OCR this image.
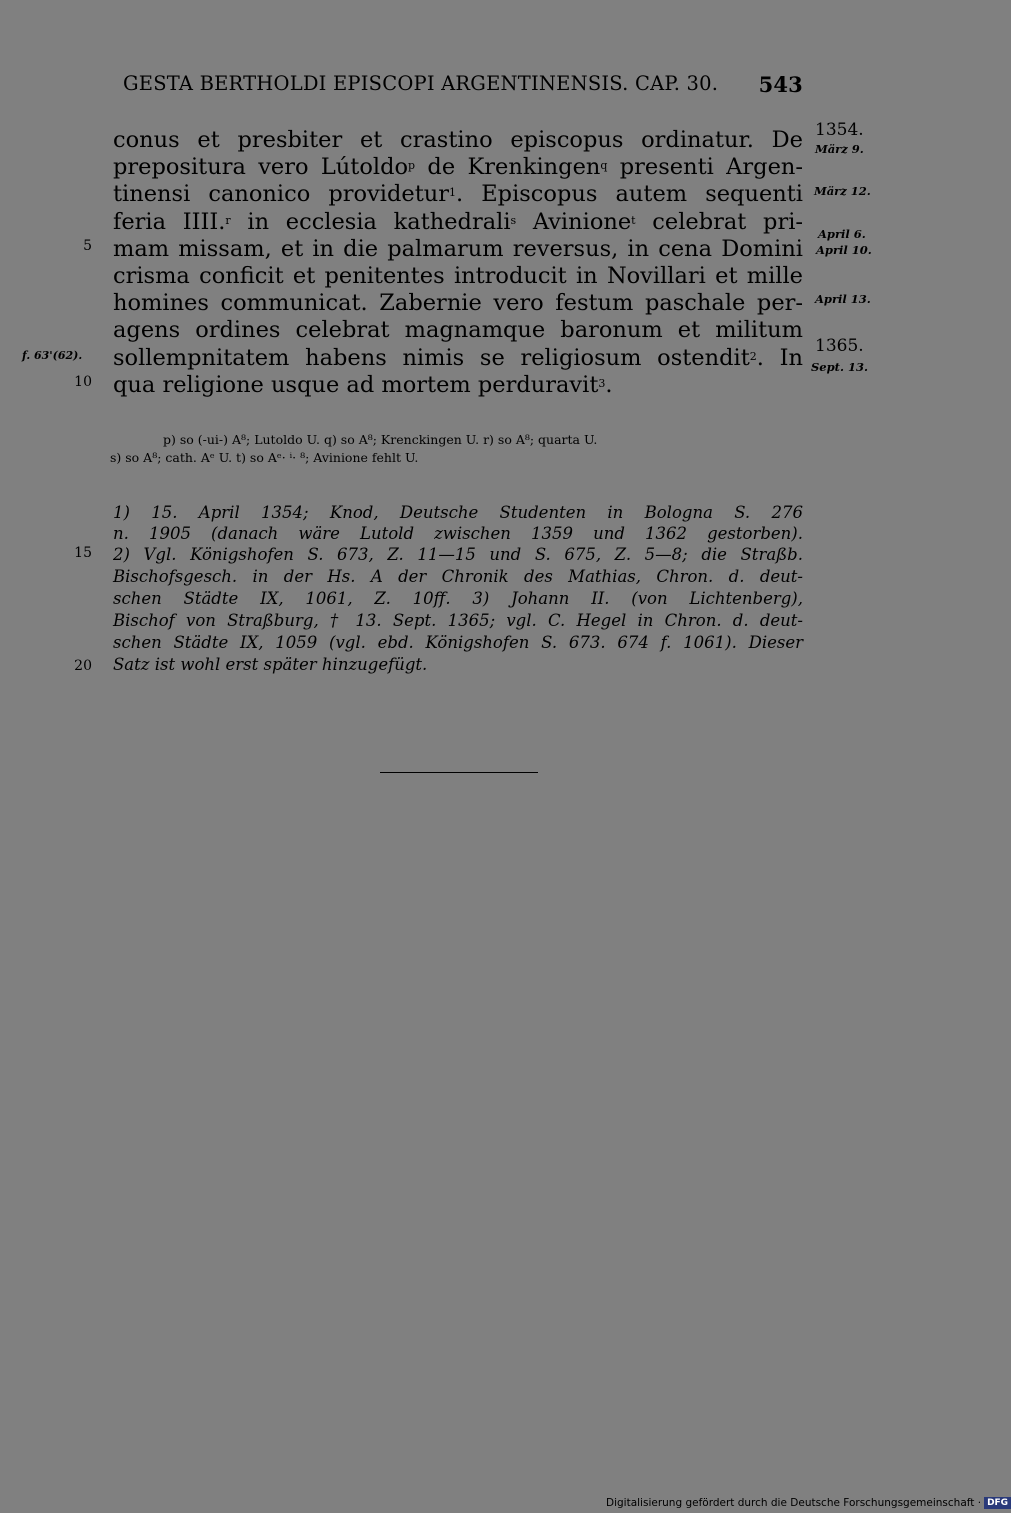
GESTA BERTHOLDI EPISCOPI ARGENTINENSIS. CAP. 30. 543
conus et presbiter et crastino episcopus ordinatur. De
prepositura vero Lútoldo$^p$ de Krenkingen$^q$ presenti Argen-
tinensi canonico providetur$^1$. Episcopus autem sequenti
feria IIII.$^r$ in ecclesia kathedrali$^s$ Avinione$^t$ celebrat pri-
mam missam, et in die palmarum reversus, in cena Domini
crisma conficit et penitentes introducit in Novillari et mille
homines communicat. Zabernie vero festum paschale per-
agens ordines celebrat magnamque baronum et militum
sollempnitatem habens nimis se religiosum ostendit$^2$. In
qua religione usque ad mortem perduravit$^3$.
5
10
15
20
f. 63'(62).
1354.
März 9.
März 12.
April 6.
April 10.
April 13.
1365.
Sept. 13.
p) so (-ui-) A⁸; Lutoldo U. q) so A⁸; Krenckingen U. r) so A⁸; quarta U.
s) so A⁸; cath. Aᵉ U. t) so Aᵉ· ⁱ· ⁸; Avinione fehlt U.
1) 15. April 1354; Knod, Deutsche Studenten in Bologna S. 276
n. 1905 (danach wäre Lutold zwischen 1359 und 1362 gestorben).
2) Vgl. Königshofen S. 673, Z. 11—15 und S. 675, Z. 5—8; die Straßb.
Bischofsgesch. in der Hs. A der Chronik des Mathias, Chron. d. deut-
schen Städte IX, 1061, Z. 10ff. 3) Johann II. (von Lichtenberg),
Bischof von Straßburg, † 13. Sept. 1365; vgl. C. Hegel in Chron. d. deut-
schen Städte IX, 1059 (vgl. ebd. Königshofen S. 673. 674 f. 1061). Dieser
Satz ist wohl erst später hinzugefügt.
Digitalisierung gefördert durch die Deutsche Forschungsgemeinschaft · DFG
